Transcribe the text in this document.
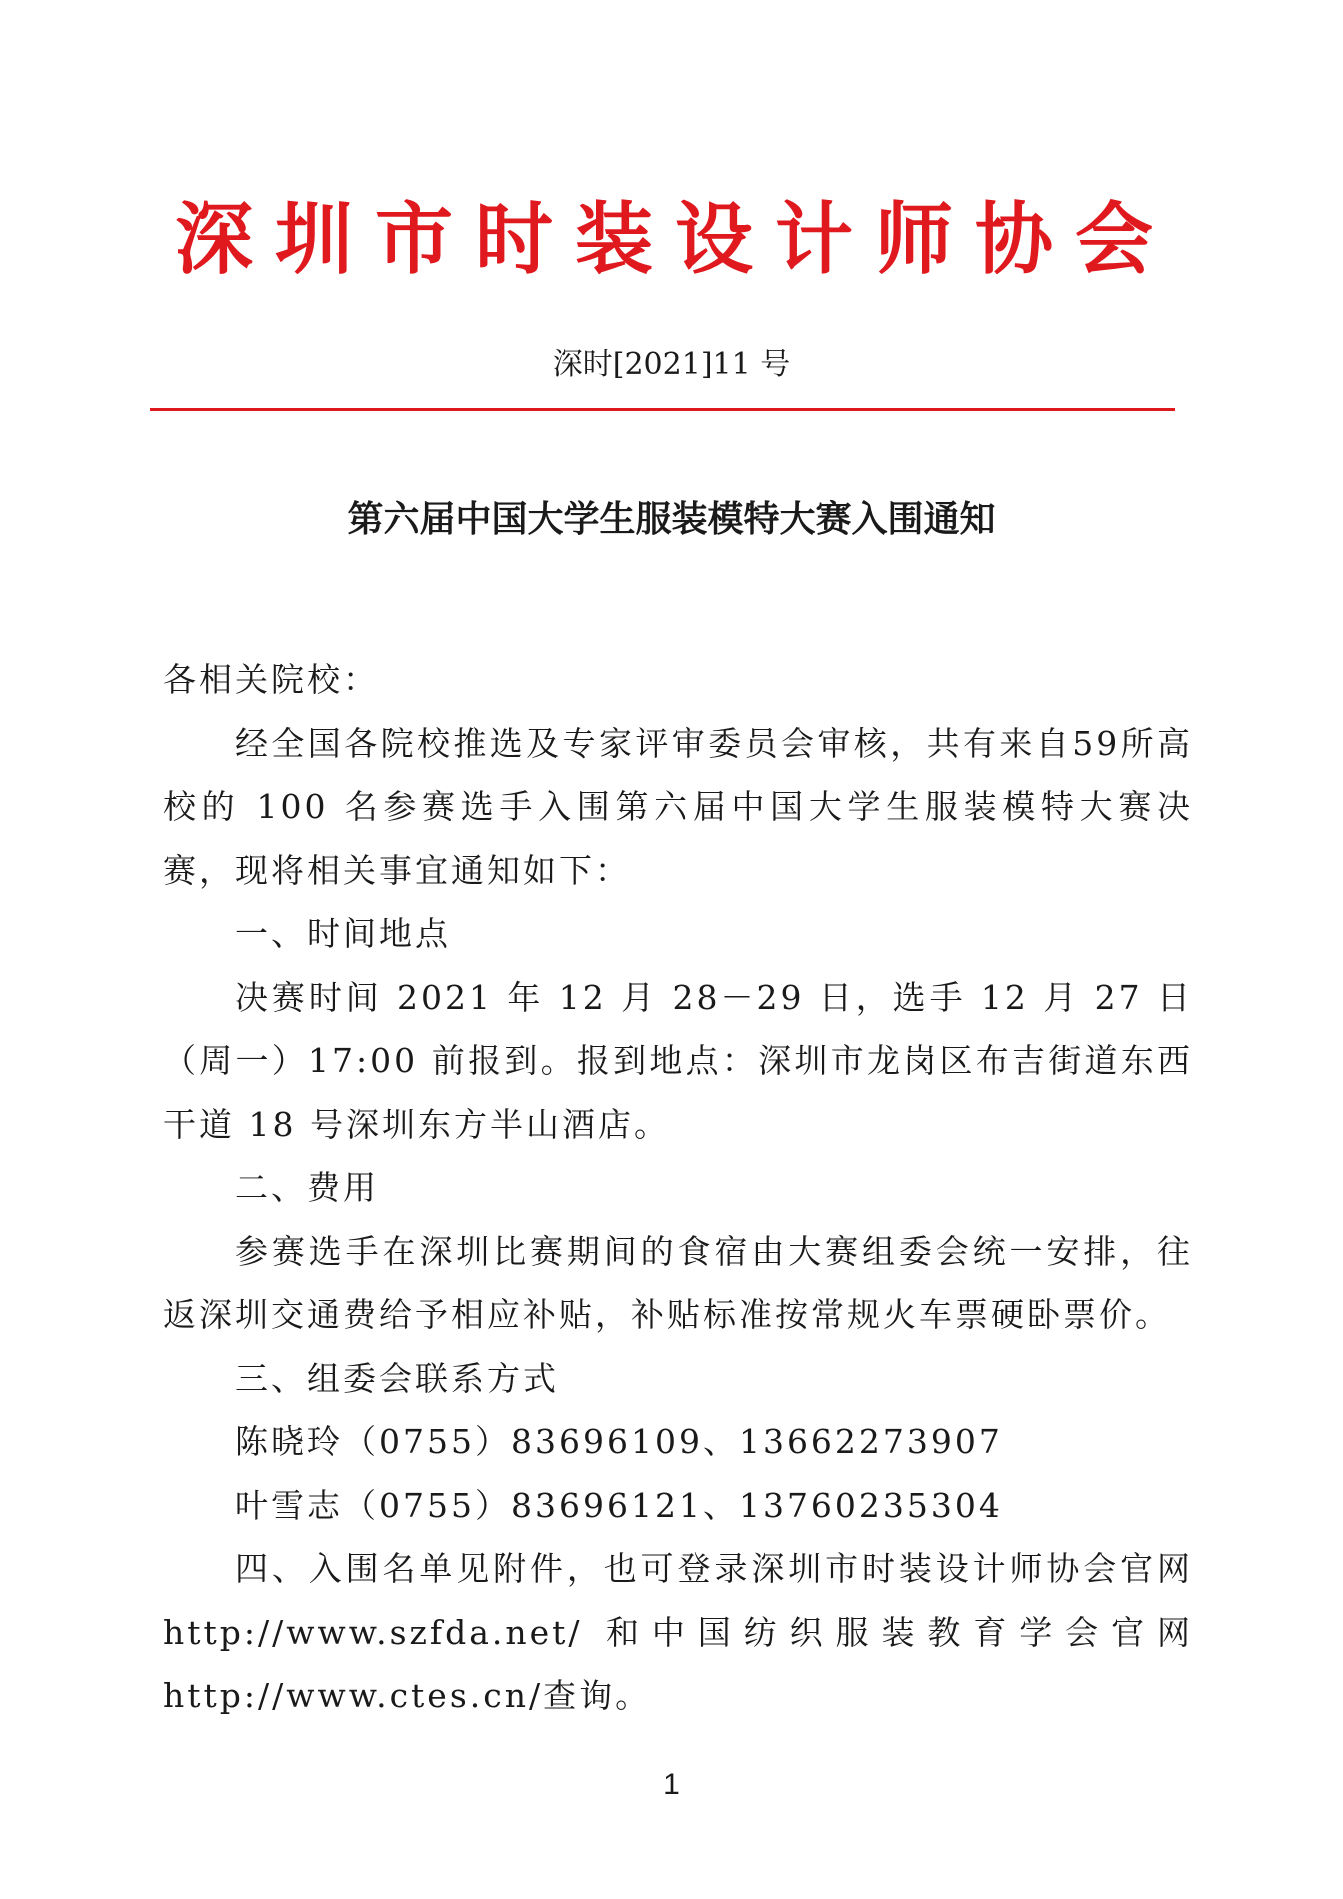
深圳市时装设计师协会
深时[2021]11 号
第六届中国大学生服装模特大赛入围通知

各相关院校：

经全国各院校推选及专家评审委员会审核，共有来自59所高校的 100 名参赛选手入围第六届中国大学生服装模特大赛决赛，现将相关事宜通知如下：

一、时间地点

决赛时间 2021 年 12 月 28－29 日，选手 12 月 27 日（周一）17:00 前报到。报到地点：深圳市龙岗区布吉街道东西干道 18 号深圳东方半山酒店。

二、费用

参赛选手在深圳比赛期间的食宿由大赛组委会统一安排，往返深圳交通费给予相应补贴，补贴标准按常规火车票硬卧票价。

三、组委会联系方式

陈晓玲（0755）83696109、13662273907

叶雪志（0755）83696121、13760235304

四、入围名单见附件，也可登录深圳市时装设计师协会官网 http://www.szfda.net/ 和中国纺织服装教育学会官网 http://www.ctes.cn/查询。

1
